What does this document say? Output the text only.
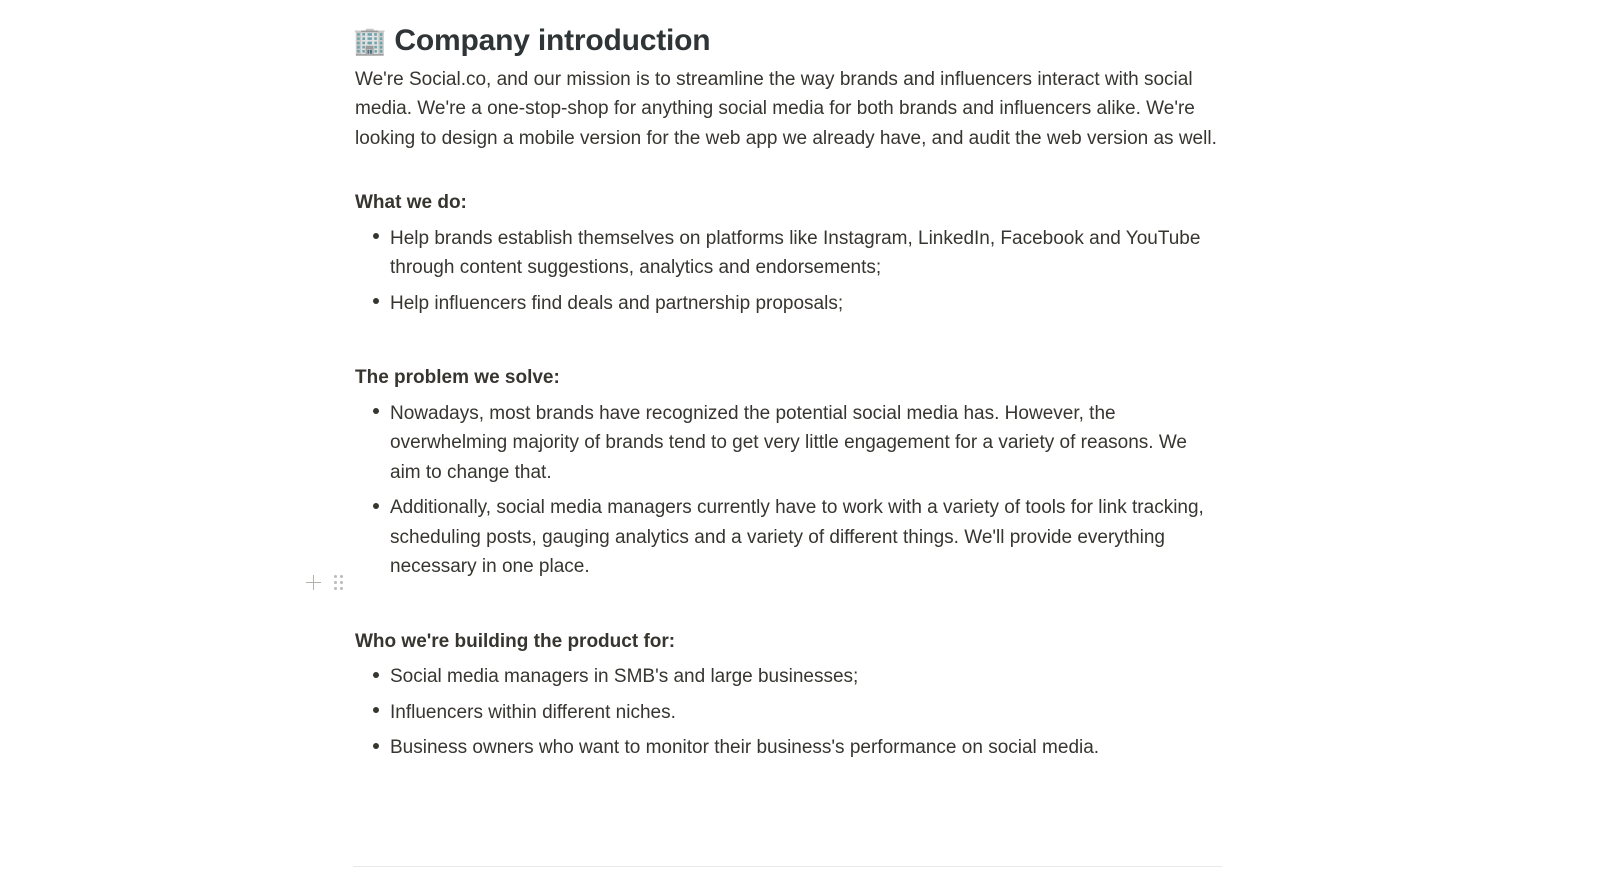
🏢 Company introduction

We're Social.co, and our mission is to streamline the way brands and influencers interact with social media. We're a one-stop-shop for anything social media for both brands and influencers alike. We're looking to design a mobile version for the web app we already have, and audit the web version as well.

What we do:
Help brands establish themselves on platforms like Instagram, LinkedIn, Facebook and YouTube through content suggestions, analytics and endorsements;
Help influencers find deals and partnership proposals;
The problem we solve:
Nowadays, most brands have recognized the potential social media has. However, the overwhelming majority of brands tend to get very little engagement for a variety of reasons. We aim to change that.
Additionally, social media managers currently have to work with a variety of tools for link tracking, scheduling posts, gauging analytics and a variety of different things. We'll provide everything necessary in one place.
Who we're building the product for:
Social media managers in SMB's and large businesses;
Influencers within different niches.
Business owners who want to monitor their business's performance on social media.
